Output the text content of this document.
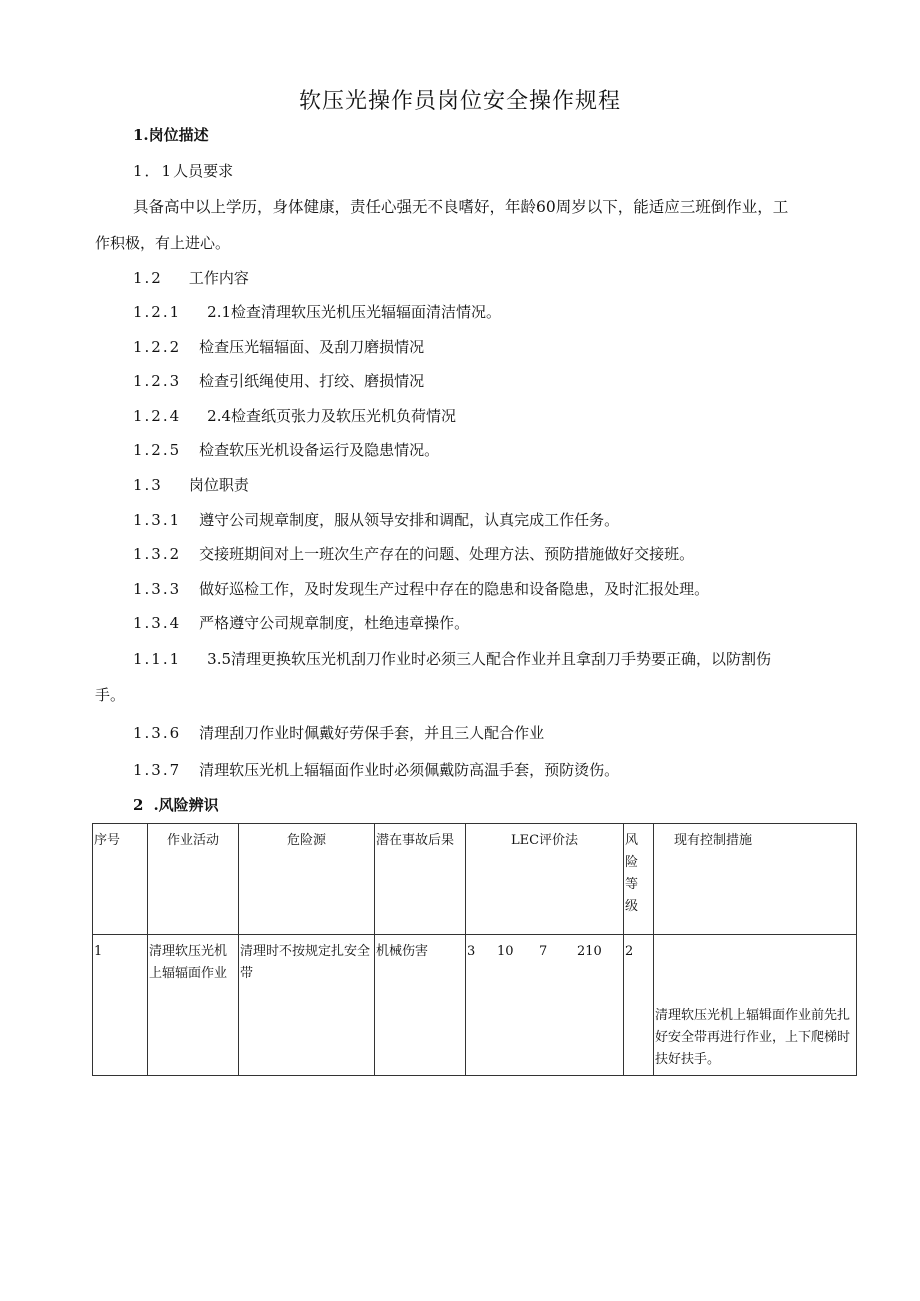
软压光操作员岗位安全操作规程
1.岗位描述
1．1人员要求
具备高中以上学历，身体健康，责任心强无不良嗜好，年龄60周岁以下，能适应三班倒作业，工
作积极，有上进心。
1.2 工作内容
1.2.1 2.1检查清理软压光机压光辐辐面清洁情况。
1.2.2 检查压光辐辐面、及刮刀磨损情况
1.2.3 检查引纸绳使用、打绞、磨损情况
1.2.4 2.4检查纸页张力及软压光机负荷情况
1.2.5 检查软压光机设备运行及隐患情况。
1.3 岗位职责
1.3.1 遵守公司规章制度，服从领导安排和调配，认真完成工作任务。
1.3.2 交接班期间对上一班次生产存在的问题、处理方法、预防措施做好交接班。
1.3.3 做好巡检工作，及时发现生产过程中存在的隐患和设备隐患，及时汇报处理。
1.3.4 严格遵守公司规章制度，杜绝违章操作。
1.1.1 3.5清理更换软压光机刮刀作业时必须三人配合作业并且拿刮刀手势要正确，以防割伤
手。
1.3.6 清理刮刀作业时佩戴好劳保手套，并且三人配合作业
1.3.7 清理软压光机上辐辐面作业时必须佩戴防高温手套，预防烫伤。
2 .风险辨识
序号	作业活动	危险源	潜在事故后果	LEC评价法	风
险
等
级	现有控制措施
1	清理软压光机上辐辐面作业	清理时不按规定扎安全带	机械伤害	3 10 7 210	2	清理软压光机上辐辑面作业前先扎好安全带再进行作业，上下爬梯时扶好扶手。
